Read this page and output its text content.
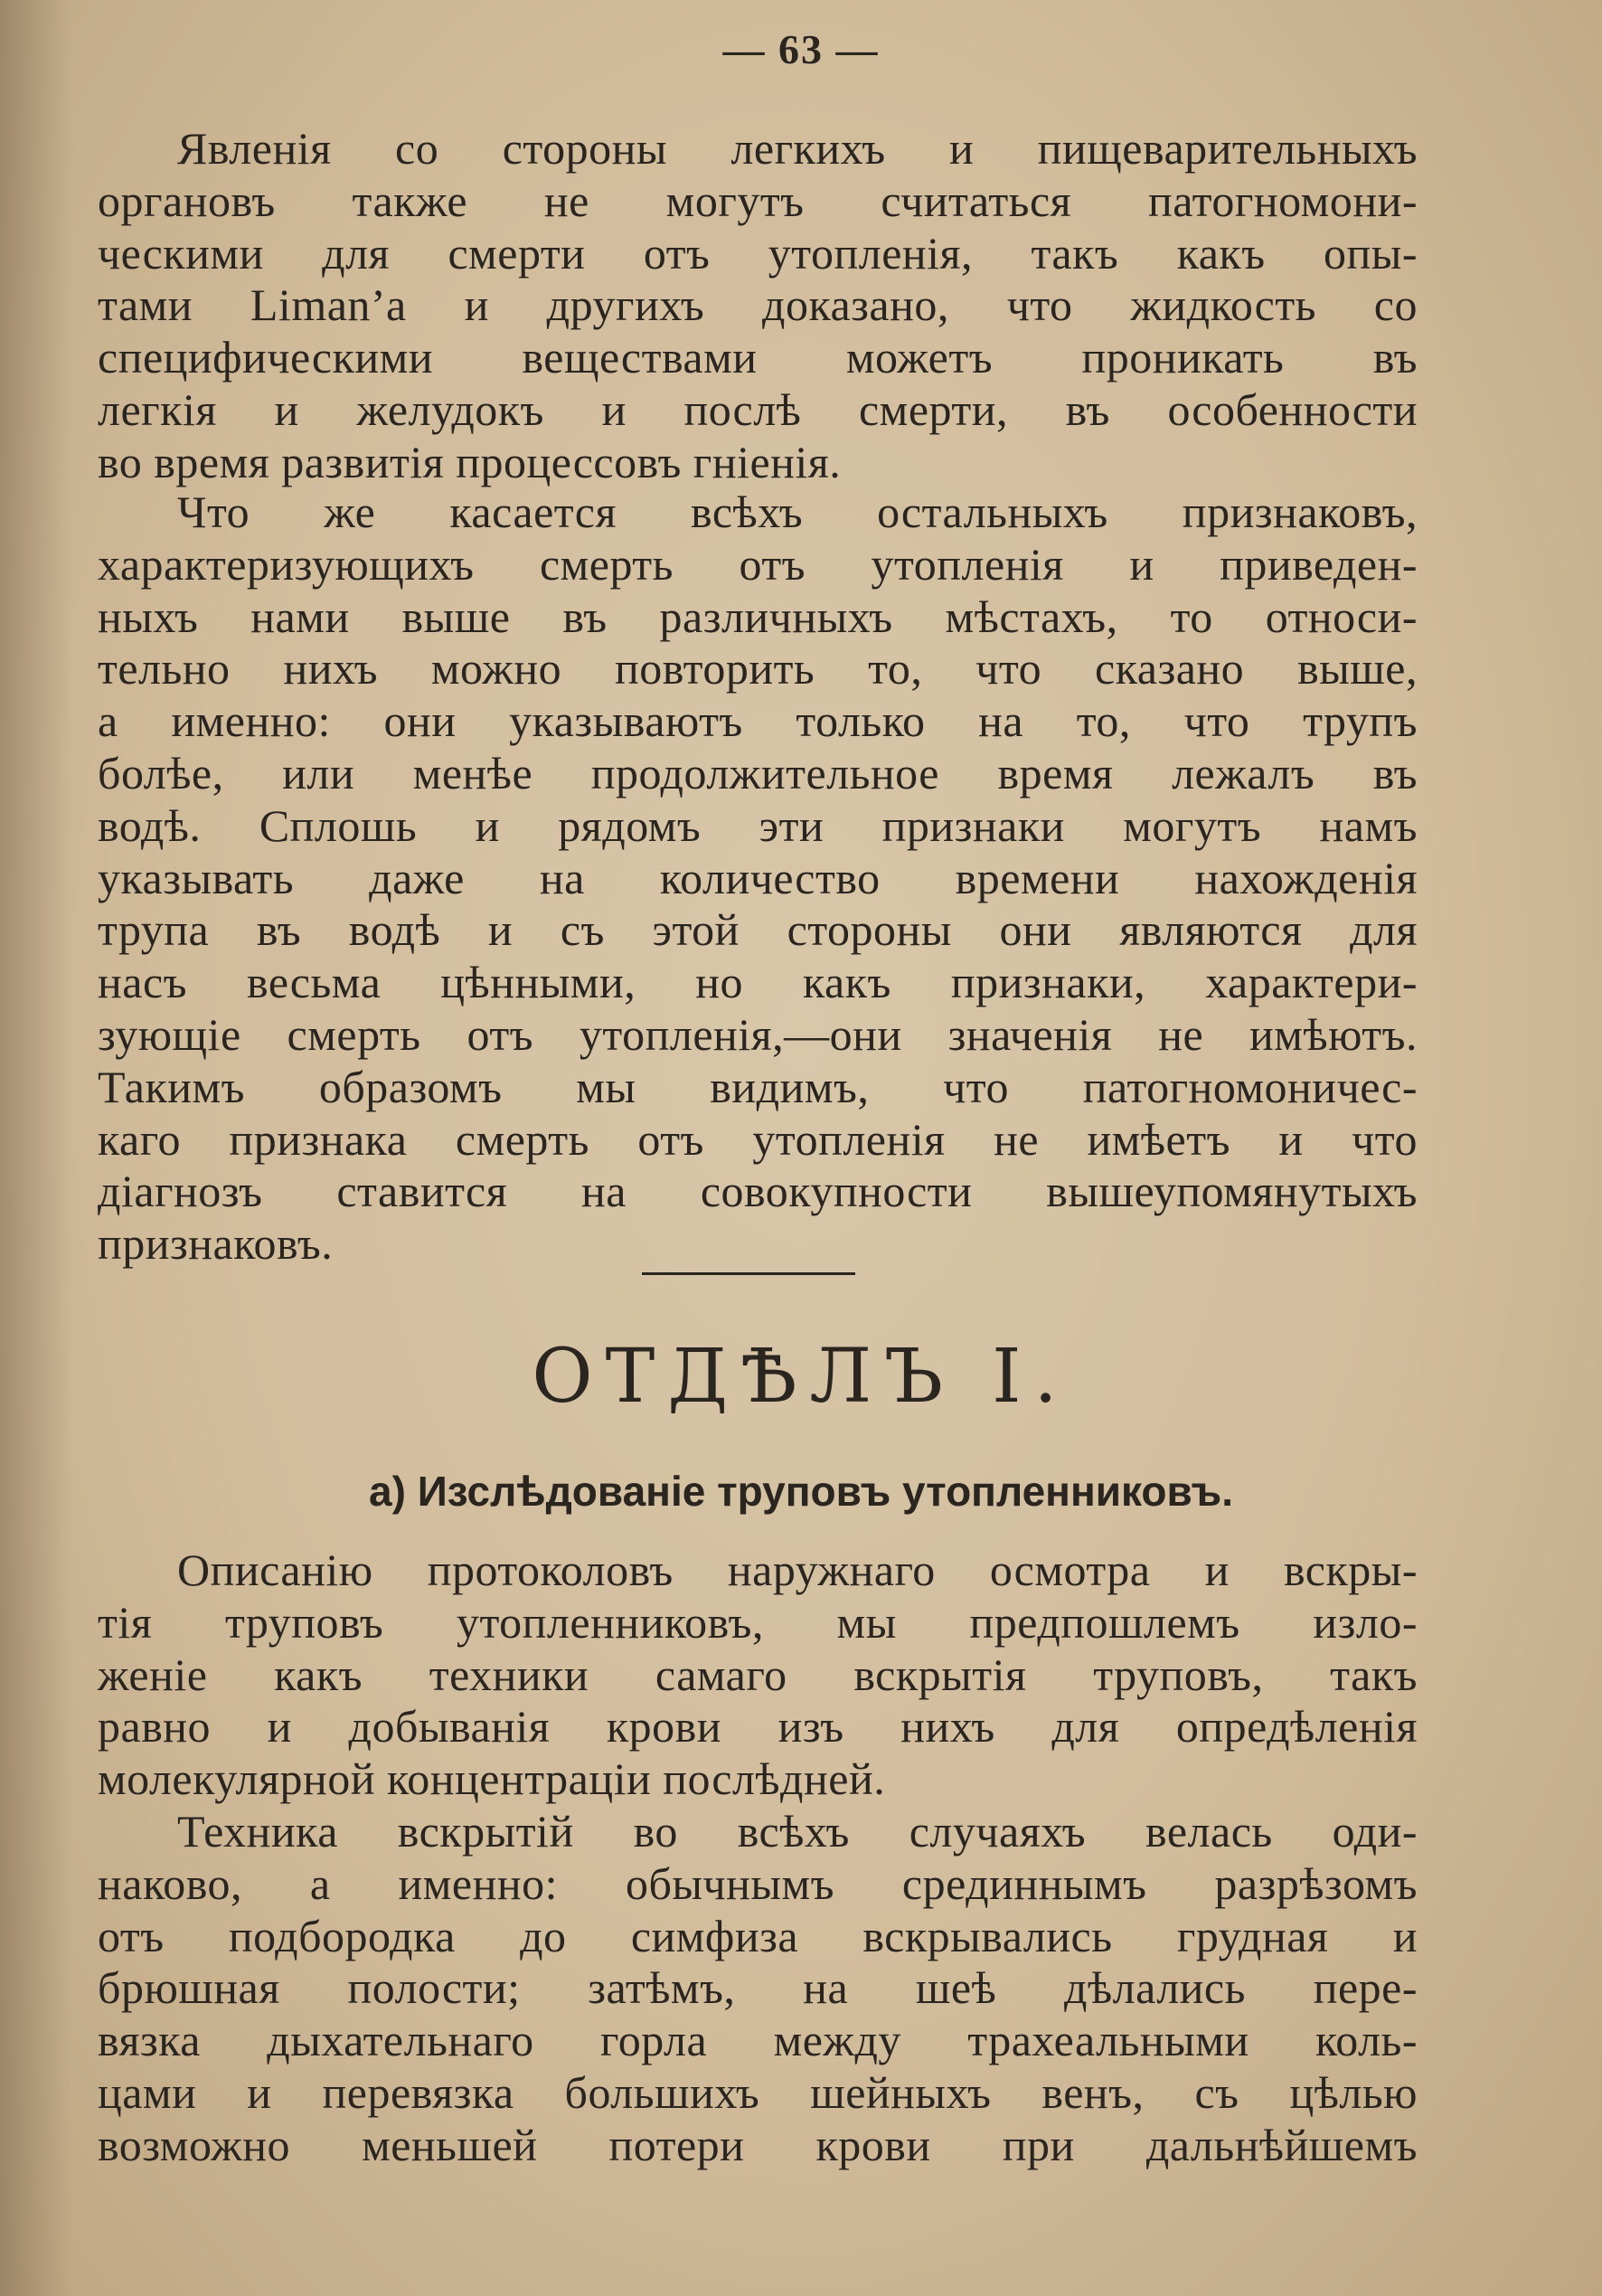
— 63 —
Явленія со стороны легкихъ и пищеварительныхъ
органовъ также не могутъ считаться патогномони-
ческими для смерти отъ утопленія, такъ какъ опы-
тами Liman’а и другихъ доказано, что жидкость со
специфическими веществами можетъ проникать въ
легкія и желудокъ и послѣ смерти, въ особенности
во время развитія процессовъ гніенія.
Что же касается всѣхъ остальныхъ признаковъ,
характеризующихъ смерть отъ утопленія и приведен-
ныхъ нами выше въ различныхъ мѣстахъ, то относи-
тельно нихъ можно повторить то, что сказано выше,
а именно: они указываютъ только на то, что трупъ
болѣе, или менѣе продолжительное время лежалъ въ
водѣ. Сплошь и рядомъ эти признаки могутъ намъ
указывать даже на количество времени нахожденія
трупа въ водѣ и съ этой стороны они являются для
насъ весьма цѣнными, но какъ признаки, характери-
зующіе смерть отъ утопленія,—они значенія не имѣютъ.
Такимъ образомъ мы видимъ, что патогномоничес-
каго признака смерть отъ утопленія не имѣетъ и что
діагнозъ ставится на совокупности вышеупомянутыхъ
признаковъ.
ОТДѢЛЪ I.
а) Изслѣдованіе труповъ утопленниковъ.
Описанію протоколовъ наружнаго осмотра и вскры-
тія труповъ утопленниковъ, мы предпошлемъ изло-
женіе какъ техники самаго вскрытія труповъ, такъ
равно и добыванія крови изъ нихъ для опредѣленія
молекулярной концентраціи послѣдней.
Техника вскрытій во всѣхъ случаяхъ велась оди-
наково, а именно: обычнымъ срединнымъ разрѣзомъ
отъ подбородка до симфиза вскрывались грудная и
брюшная полости; затѣмъ, на шеѣ дѣлались пере-
вязка дыхательнаго горла между трахеальными коль-
цами и перевязка большихъ шейныхъ венъ, съ цѣлью
возможно меньшей потери крови при дальнѣйшемъ
